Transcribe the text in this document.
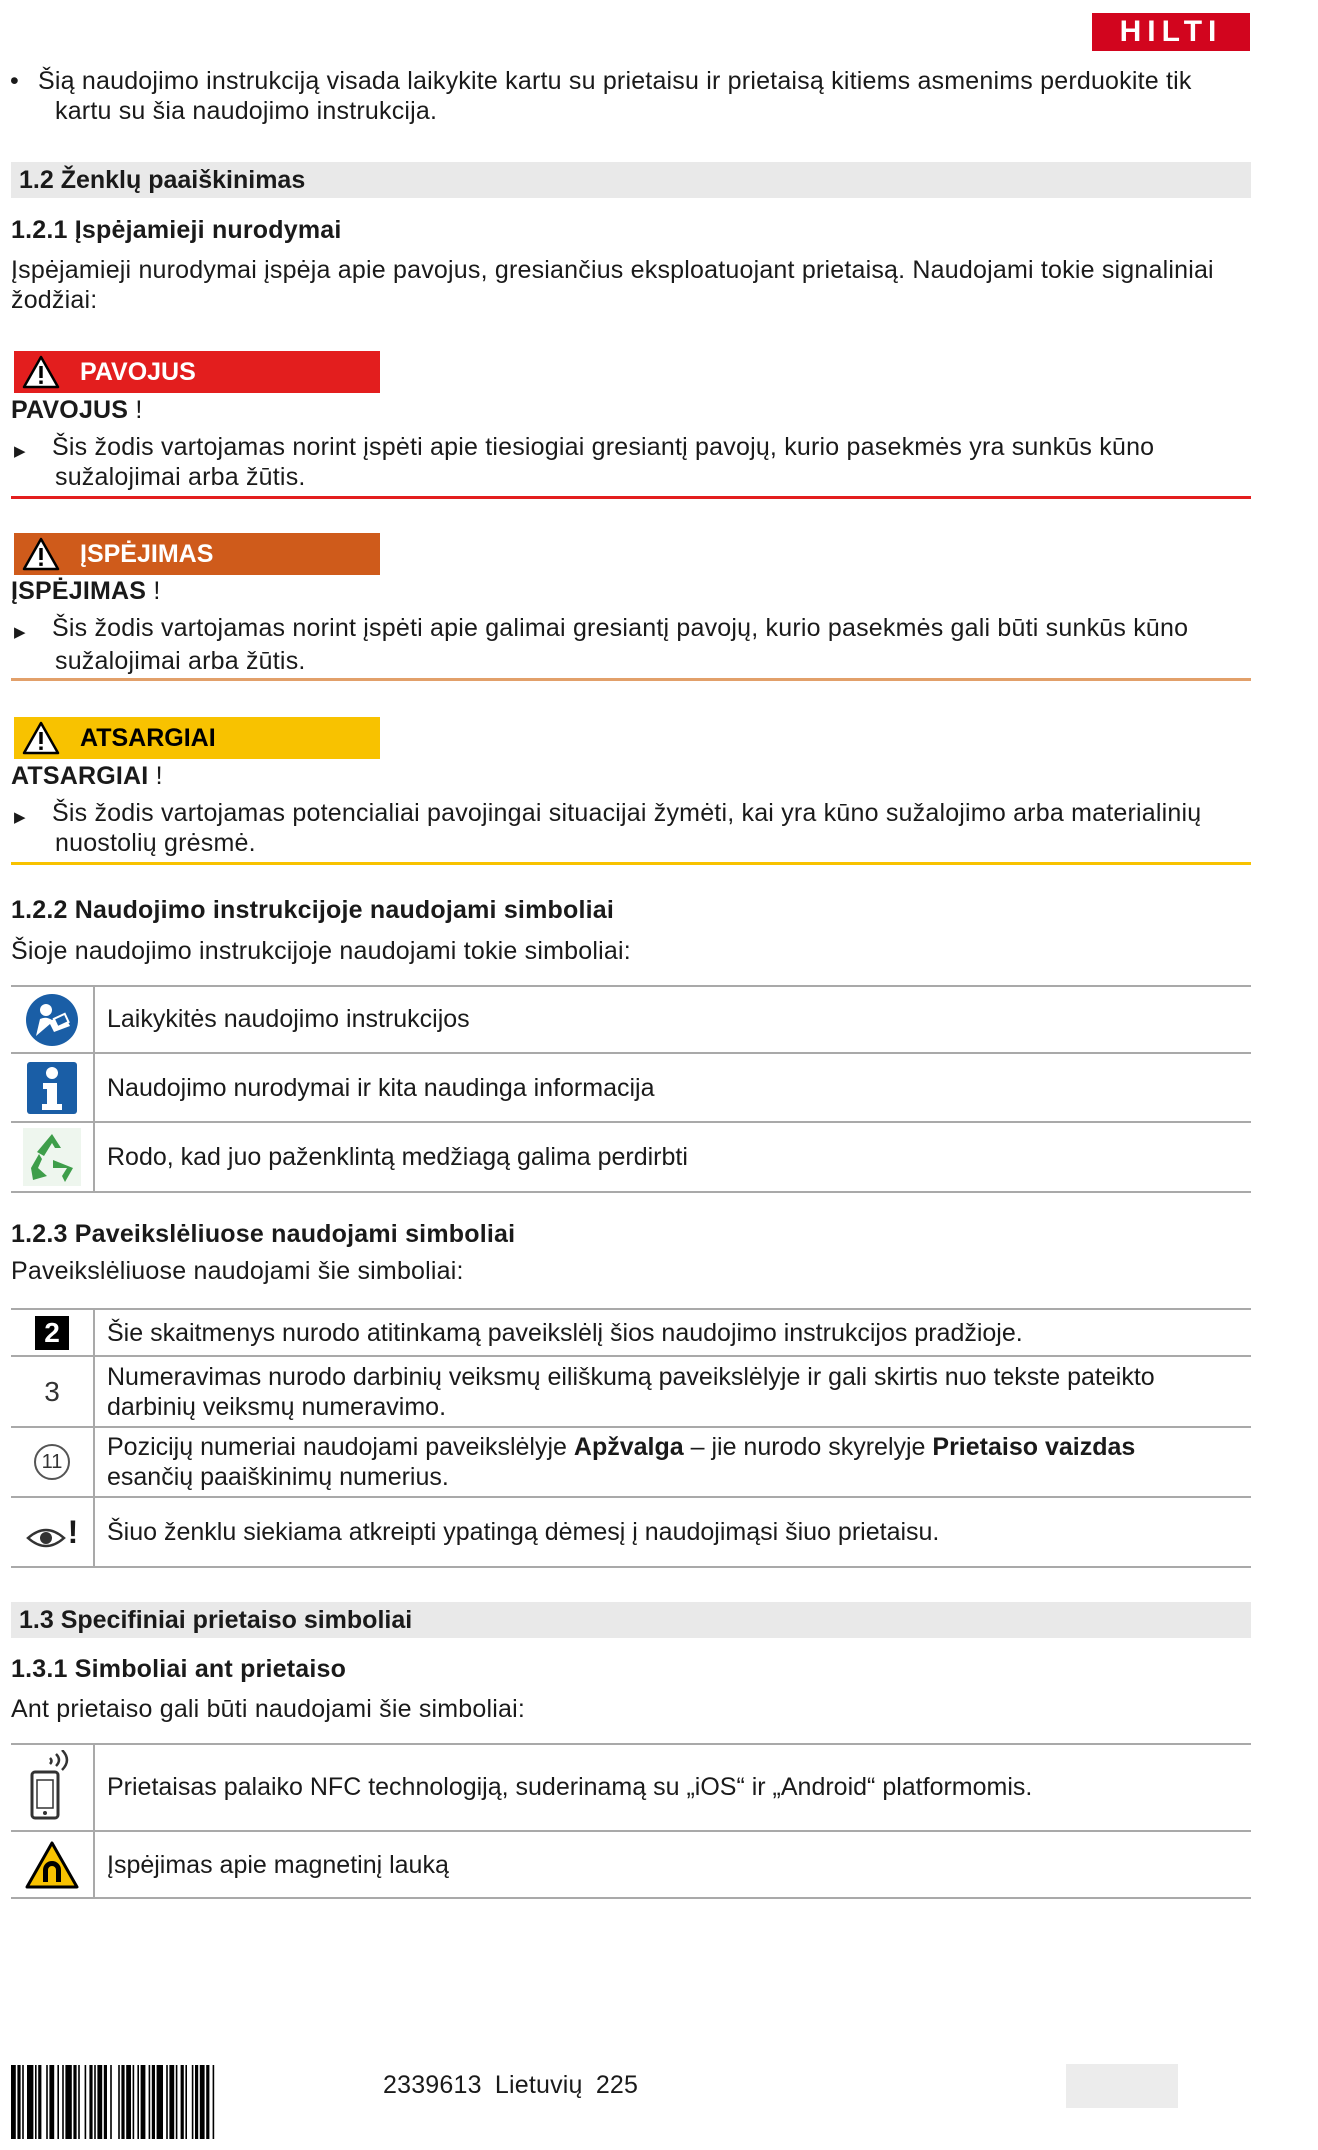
HILTI
• Šią naudojimo instrukciją visada laikykite kartu su prietaisu ir prietaisą kitiems asmenims perduokite tik
kartu su šia naudojimo instrukcija.
1.2 Ženklų paaiškinimas
1.2.1 Įspėjamieji nurodymai
Įspėjamieji nurodymai įspėja apie pavojus, gresiančius eksploatuojant prietaisą. Naudojami tokie signaliniai
žodžiai:
PAVOJUS
PAVOJUS !
▶ Šis žodis vartojamas norint įspėti apie tiesiogiai gresiantį pavojų, kurio pasekmės yra sunkūs kūno
sužalojimai arba žūtis.
ĮSPĖJIMAS
ĮSPĖJIMAS !
▶ Šis žodis vartojamas norint įspėti apie galimai gresiantį pavojų, kurio pasekmės gali būti sunkūs kūno
sužalojimai arba žūtis.
ATSARGIAI
ATSARGIAI !
▶ Šis žodis vartojamas potencialiai pavojingai situacijai žymėti, kai yra kūno sužalojimo arba materialinių
nuostolių grėsmė.
1.2.2 Naudojimo instrukcijoje naudojami simboliai
Šioje naudojimo instrukcijoje naudojami tokie simboliai:
Laikykitės naudojimo instrukcijos
Naudojimo nurodymai ir kita naudinga informacija
Rodo, kad juo paženklintą medžiagą galima perdirbti
1.2.3 Paveikslėliuose naudojami simboliai
Paveikslėliuose naudojami šie simboliai:
2	Šie skaitmenys nurodo atitinkamą paveikslėlį šios naudojimo instrukcijos pradžioje.
3 Numeravimas nurodo darbinių veiksmų eiliškumą paveikslėlyje ir gali skirtis nuo tekste pateikto
darbinių veiksmų numeravimo.
11
Pozicijų numeriai naudojami paveikslėlyje Apžvalga – jie nurodo skyrelyje Prietaiso vaizdas
esančių paaiškinimų numerius.
! Šiuo ženklu siekiama atkreipti ypatingą dėmesį į naudojimąsi šiuo prietaisu.
1.3 Specifiniai prietaiso simboliai
1.3.1 Simboliai ant prietaiso
Ant prietaiso gali būti naudojami šie simboliai:
Prietaisas palaiko NFC technologiją, suderinamą su „iOS“ ir „Android“ platformomis.
Įspėjimas apie magnetinį lauką
2339613 Lietuvių 225
